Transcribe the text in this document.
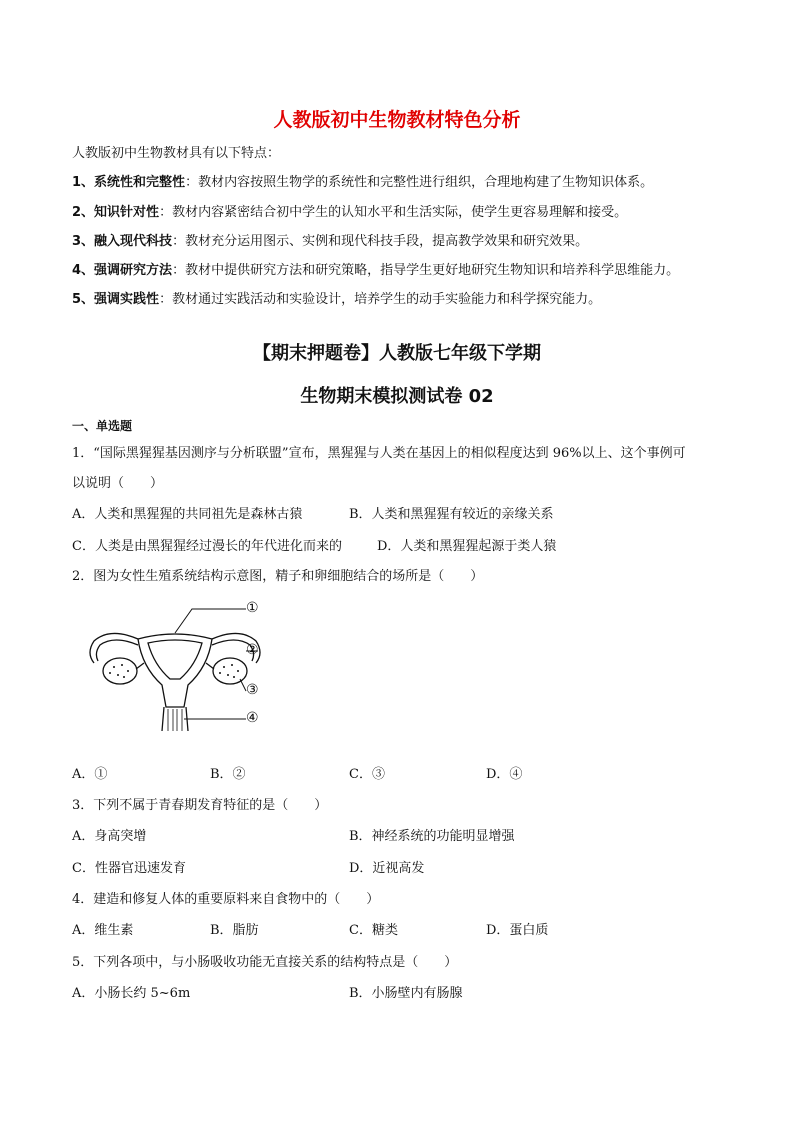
人教版初中生物教材特色分析
人教版初中生物教材具有以下特点：
1、系统性和完整性：教材内容按照生物学的系统性和完整性进行组织，合理地构建了生物知识体系。
2、知识针对性：教材内容紧密结合初中学生的认知水平和生活实际，使学生更容易理解和接受。
3、融入现代科技：教材充分运用图示、实例和现代科技手段，提高教学效果和研究效果。
4、强调研究方法：教材中提供研究方法和研究策略，指导学生更好地研究生物知识和培养科学思维能力。
5、强调实践性：教材通过实践活动和实验设计，培养学生的动手实验能力和科学探究能力。
【期末押题卷】人教版七年级下学期
生物期末模拟测试卷 02
一、单选题
1．“国际黑猩猩基因测序与分析联盟”宣布，黑猩猩与人类在基因上的相似程度达到 96%以上、这个事例可
以说明（　　）
A．人类和黑猩猩的共同祖先是森林古猿	B．人类和黑猩猩有较近的亲缘关系
C．人类是由黑猩猩经过漫长的年代进化而来的	D．人类和黑猩猩起源于类人猿
2．图为女性生殖系统结构示意图，精子和卵细胞结合的场所是（　　）
①
②
③
④
A．①	B．②	C．③	D．④
3．下列不属于青春期发育特征的是（　　）
A．身高突增	B．神经系统的功能明显增强
C．性器官迅速发育	D．近视高发
4．建造和修复人体的重要原料来自食物中的（　　）
A．维生素	B．脂肪	C．糖类	D．蛋白质
5．下列各项中，与小肠吸收功能无直接关系的结构特点是（　　）
A．小肠长约 5~6m	B．小肠壁内有肠腺
